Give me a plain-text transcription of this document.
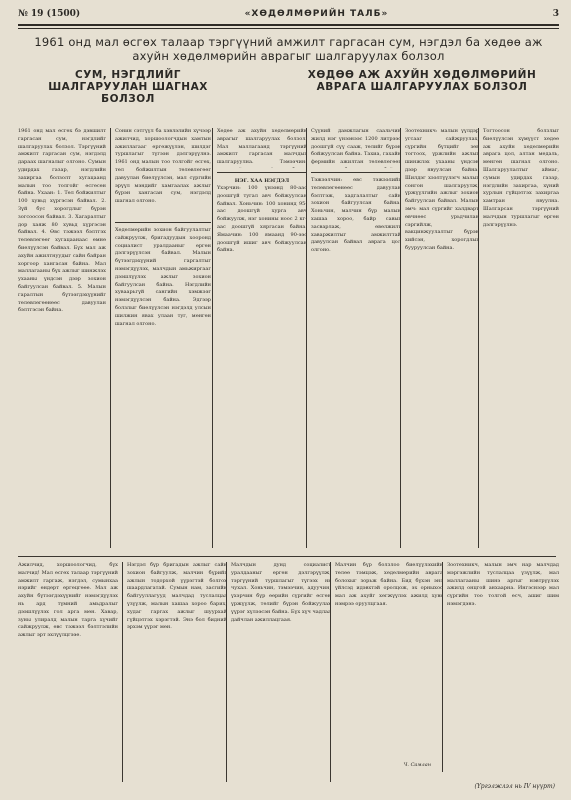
№ 19 (1500)	«ХӨДӨЛМӨРИЙН ТАЛБ»	3
1961 онд мал өсгөх талаар тэргүүний амжилт гаргасан сум, нэгдэл ба хөдөө аж ахуйн хөдөлмөрийн аврагыг шалгаруулах болзол
СУМ, НЭГДЛИЙГ ШАЛГАРУУЛАН ШАГНАХ БОЛЗОЛ
ХӨДӨӨ АЖ АХУЙН ХӨДӨЛМӨРИЙН АВРАГА ШАЛГАРУУЛАХ БОЛЗОЛ
1961 онд мал өсгөх бэ дэвшилт гаргасан сум, нэгдлийг шалгаруулах болзол. Тэргүүний амжилт гаргасан сум, нэгдэлд дараах шагналыг олгоно. Сумын удирдах газар, нэгдлийн захиргаа болзолт хугацаанд малын тоо толгойг өсгөсөн байна. Ухаан: 1. Төл бойжилтыг 100 хувьд хүргэсэн байвал. 2. Зүй бус хорогдлыг бүрэн зогсоосон байвал. 3. Хагаралтыг дор хаяж 80 хувьд хүргэсэн байвал. 4. Өвс тэжээл бэлтгэх төлөвлөгөөг хугацаанаас өмнө биелүүлсэн байвал. Бүх мал аж ахуйн ажилтнуудыг сайн байран хоргоор хангасан байна. Мал маллагааны бүх ажлыг шинжлэх ухааны үндсэн дээр зохион байгуулсан байвал. 5. Малын гаралтын бүтээгдэхүүнийг төлөвлөгөөнөөс давуулан бэлтгэсэн байна.
Сонин сэтгүүл ба хэвлэлийн хүчээр ажилчид, хоршоологчдын хамтын ажиллагааг өргөжүүлэн, шилдэг туршлагыг түгээн дэлгэрүүлнэ. 1961 онд малын тоо толгойг өсгөх, төл бойжилтын төлөвлөгөөг давуулан биелүүлсэн, мал сүргийн эрүүл мэндийг хамгаалах ажлыг бүрэн хангасан сум, нэгдэлд шагнал олгоно.
Хөдөлмөрийн зохион байгуулалтыг сайжруулж, бригадуудын хооронд социалист уралдааныг өргөн дэлгэрүүлсэн байвал. Малын бүтээгдэхүүний гаргалтыг нэмэгдүүлэх, малчдын амьжиргааг дээшлүүлэх ажлыг зохион байгуулсан байна. Нэгдлийн хуваарьгүй сангийн хэмжээг нэмэгдүүлсэн байна. Эдгээр болзлыг биелүүлсэн нэгдэлд улсын шилжин явах улаан туг, мөнгөн шагнал олгоно.
Хөдөө аж ахуйн хөдөлмөрийн аврагыг шалгаруулах болзол. Мал маллагаанд тэргүүний амжилт гаргасан малчдыг шалгаруулна. Тэмээчин:
НЭГ. ХАА НЭГДЭЛ
Үхэрчин: 100 үнээнд 80-аас доошгүй тугал авч бойжуулсан байвал. Хоньчин: 100 хонинд 95-аас доошгүй хурга авч бойжуулж, нэг хонины ноос 2 кг-аас доошгүй хяргасан байна. Ямаачин: 100 ямаанд 90-ээс доошгүй ишиг авч бойжуулсан байна.
Сүүний дамжлагын саальчин жилд нэг үнээнээс 1200 литрээс доошгүй сүү сааж, төлийг бүрэн бойжуулсан байна. Тахиа, гахайн фермийн ажилтан төлөвлөгөөг
Тэжээлчин: өвс тэжээлийг төлөвлөгөөнөөс давуулан бэлтгэж, хадгалалтыг сайн зохион байгуулсан байна. Хоньчин, малчин бүр малын хашаа хороо, байр савыг засварлаж, өвөлжилт хаваржилтыг амжилттай давуулсан байвал аврага цол олгоно.
Зоотехникч: малын үүлдэр угсааг сайжруулах, сүргийн бүтцийг зөв тогтоох, үржлийн ажлыг шинжлэх ухааны үндсэн дээр явуулсан байна. Шилдэг хээлтүүлэгч малыг сонгон шалгаруулж, үржүүлгийн ажлыг зохион байгуулсан байвал. Малын эмч: мал сүргийг халдварт өвчнөөс урьдчилан сэргийлж, вакцинжуулалтыг бүрэн хийсэн, хорогдлыг бууруулсан байна.
Тогтоосон болзлыг биелүүлсэн хүмүүст хөдөө аж ахуйн хөдөлмөрийн аврага цол, алтан медаль, мөнгөн шагнал олгоно. Шалгаруулалтыг аймаг, сумын удирдах газар, нэгдлийн захиргаа, хүний хурлын гүйцэтгэх захиргаа хамтран явуулна. Шалгарсан тэргүүний малчдын туршлагыг өргөн дэлгэрүүлнэ.
Ажилчид, хоршоологчид, бүх малчид! Мал өсгөх талаар тэргүүний амжилт гаргаж, нэгдэл, сумынхаа нэрийг өндөрт өргөцгөөе. Мал аж ахуйн бүтээгдэхүүнийг нэмэгдүүлэх нь ард түмний амьдралыг дээшлүүлэх гол арга мөн. Хавар, зуны улиралд малын тарга хүчийг сайжруулж, өвс тэжээл бэлтгэлийн ажлыг эрт эхлүүлцгээе.
Нэгдэл бүр бригадын ажлыг сайн зохион байгуулж, малчин бүрийг ажлын тодорхой үүрэгтэй болгох шаардлагатай. Сумын нам, засгийн байгууллагууд малчдад туслалцаа үзүүлж, малын хашаа хороо барих, худаг гаргах ажлыг шуурхай гүйцэтгэх хэрэгтэй. Энэ бол бидний эрхэм үүрэг мөн.
Малчдын дунд социалист уралдааныг өргөн дэлгэрүүлж, тэргүүний туршлагыг түгээх нь чухал. Хоньчин, тэмээчин, адуучин, үхэрчин бүр өөрийн сүргийг өсгөн үржүүлж, төлийг бүрэн бойжуулах үүрэг хүлээсэн байна. Бүх хүч чадлаа дайчлан ажиллацгаая.
Малчин бүр болзлоо биелүүлэхийн төлөө тэмцэж, хөдөлмөрийн аврага болохыг зорьж байна. Бид бүхэн энэ үйлсэд идэвхтэй оролцож, эх орныхоо мал аж ахуйг хөгжүүлэх ажилд хувь нэмрээ оруулцгаая.
Ч. Самлан
Зоотехникч, малын эмч нар малчдад мэргэжлийн туслалцаа үзүүлж, мал маллагааны шинэ аргыг нэвтрүүлэх ажилд онцгой анхаарна. Ингэснээр мал сүргийн тоо толгой өсч, ашиг шим нэмэгдэнэ.
(Үргэлжлэл нь IV нүүрт)
